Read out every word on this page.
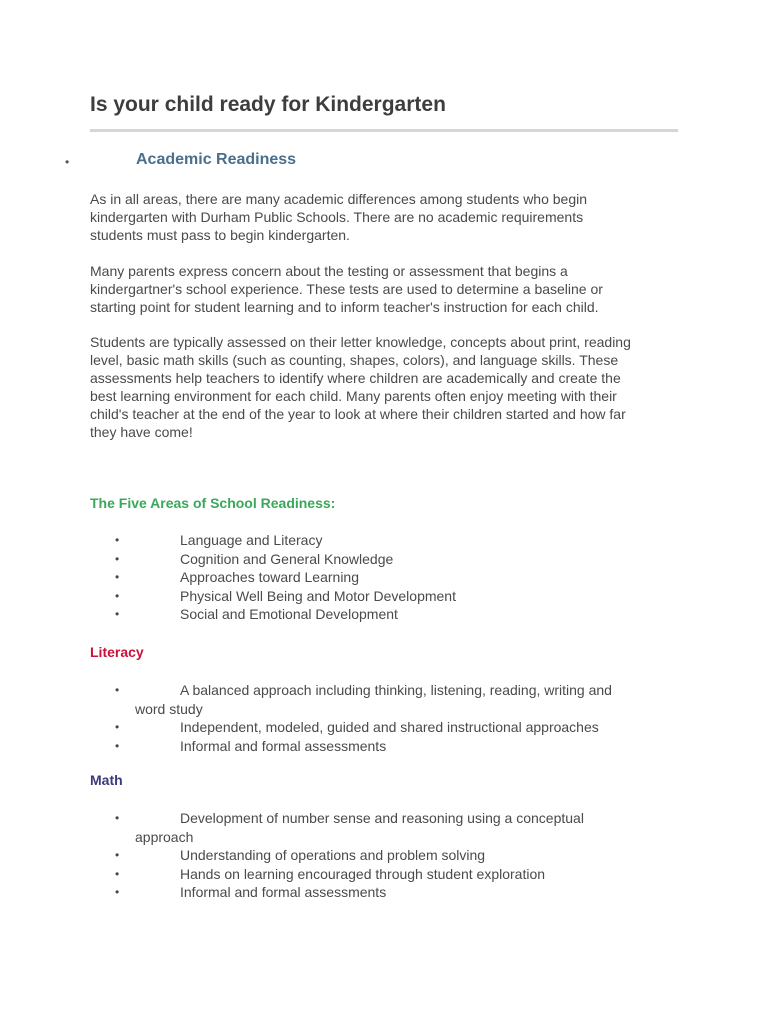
Is your child ready for Kindergarten
•	Academic Readiness

As in all areas, there are many academic differences among students who begin
kindergarten with Durham Public Schools. There are no academic requirements
students must pass to begin kindergarten.

Many parents express concern about the testing or assessment that begins a
kindergartner's school experience. These tests are used to determine a baseline or
starting point for student learning and to inform teacher's instruction for each child.

Students are typically assessed on their letter knowledge, concepts about print, reading
level, basic math skills (such as counting, shapes, colors), and language skills. These
assessments help teachers to identify where children are academically and create the
best learning environment for each child. Many parents often enjoy meeting with their
child's teacher at the end of the year to look at where their children started and how far
they have come!

The Five Areas of School Readiness:
•	Language and Literacy
•	Cognition and General Knowledge
•	Approaches toward Learning
•	Physical Well Being and Motor Development
•	Social and Emotional Development
Literacy
•	A balanced approach including thinking, listening, reading, writing and
word study
•	Independent, modeled, guided and shared instructional approaches
•	Informal and formal assessments
Math
•	Development of number sense and reasoning using a conceptual
approach
•	Understanding of operations and problem solving
•	Hands on learning encouraged through student exploration
•	Informal and formal assessments
